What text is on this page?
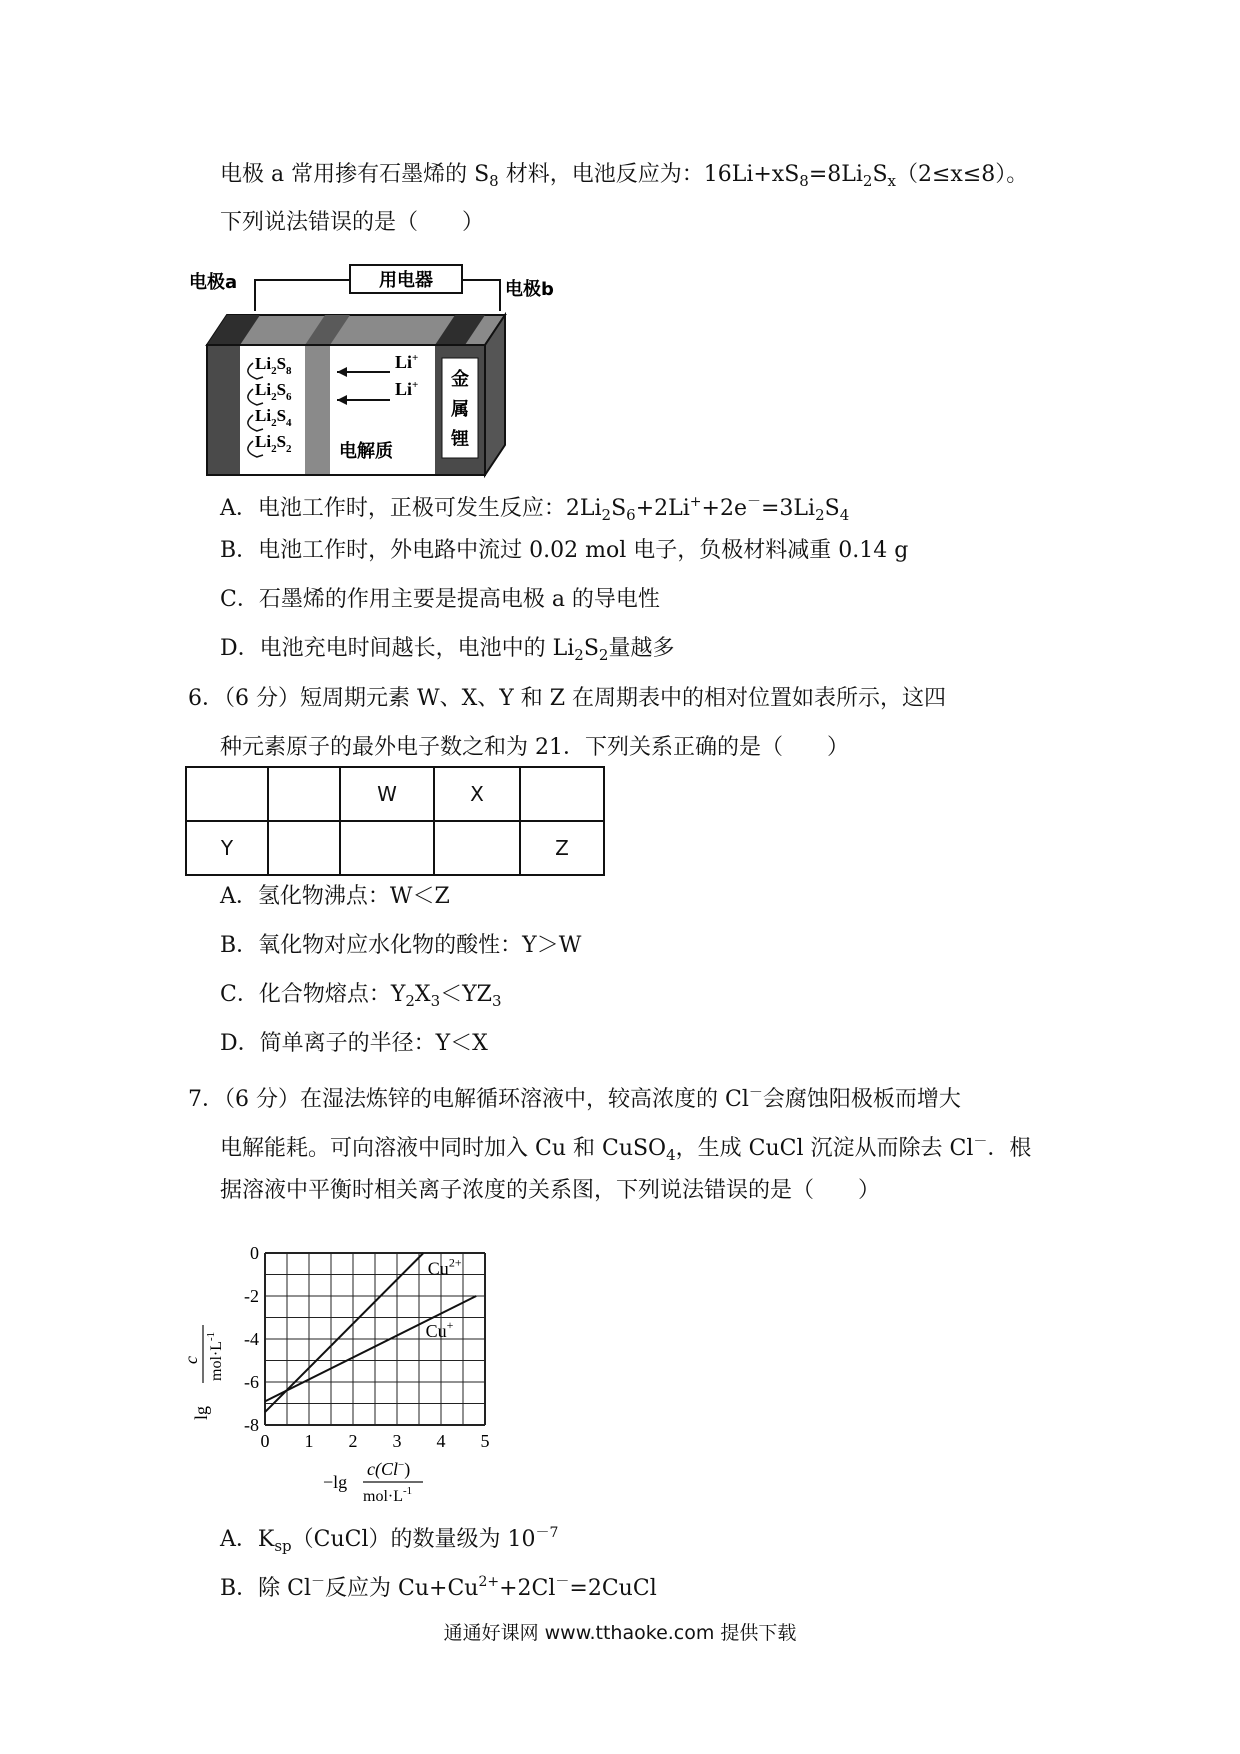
电极 a 常用掺有石墨烯的 $S_8$ 材料，电池反应为：$16Li+xS_8=8Li_2S_x(2\le x\le 8)$。
下列说法错误的是（　　）
用电器
电极a	电极b
$Li_2S_8$
$Li_2S_6$
$Li_2S_4$
$Li_2S_2$
Li+
Li+
电解质
金
属
锂
A．电池工作时，正极可发生反应：$2Li_2S_6+2Li^++2e^-=3Li_2S_4$
B．电池工作时，外电路中流过 0.02 mol 电子，负极材料减重 0.14 g
C．石墨烯的作用主要是提高电极 a 的导电性
D．电池充电时间越长，电池中的 $Li_2S_2$量越多
6．（6 分）短周期元素 W、X、Y 和 Z 在周期表中的相对位置如表所示，这四
种元素原子的最外电子数之和为 21．下列关系正确的是（　　）
		W	X	
Y				Z
A．氢化物沸点：W＜Z
B．氧化物对应水化物的酸性：Y＞W
C．化合物熔点：$Y_2X_3<YZ_3$
D．简单离子的半径：Y＜X
7．（6 分）在湿法炼锌的电解循环溶液中，较高浓度的 Cl－会腐蚀阳极板而增大
电解能耗。可向溶液中同时加入 Cu 和 CuSO$_4$，生成 CuCl 沉淀从而除去 Cl－．根
据溶液中平衡时相关离子浓度的关系图，下列说法错误的是（　　）
0 1 2 3 4 5
0
-2
-4
-6
-8
$Cu^{2+}$
Cu+
lg
c $mol\cdot L^{-1}$
−lg
c(Cl−)
$mol\cdot L^{-1}$
A．$K_{sp}(CuCl)$的数量级为 $10^{-7}$
B．除 Cl－反应为 $Cu+Cu^{2+}+2Cl^-=2CuCl$
通通好课网 www.tthaoke.com 提供下载
